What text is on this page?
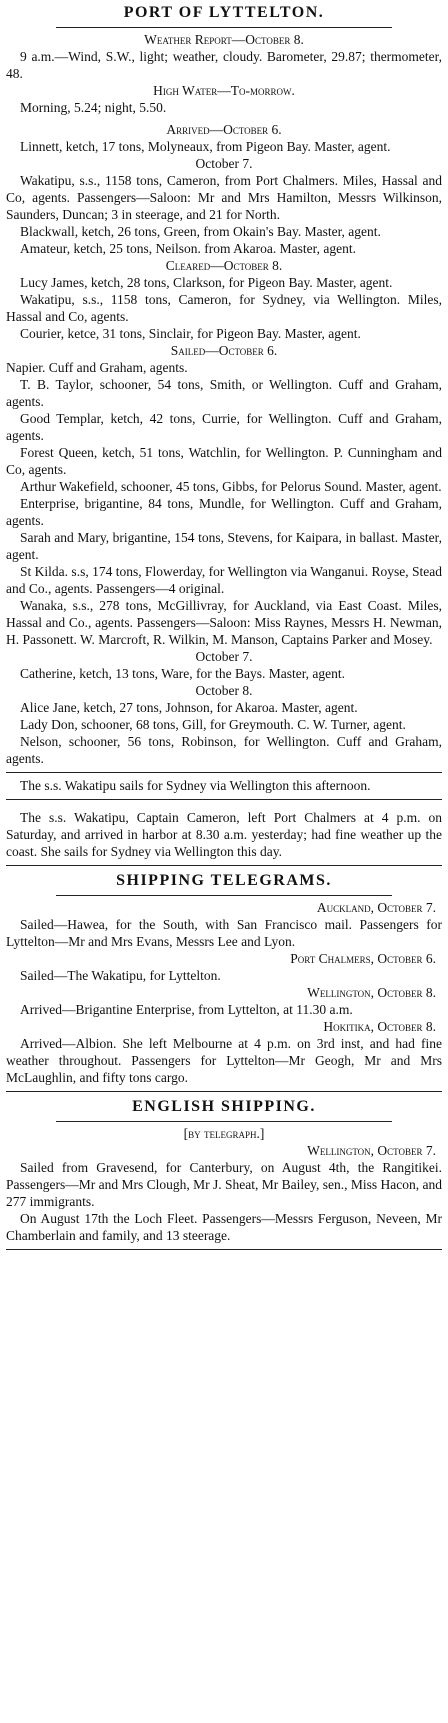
PORT OF LYTTELTON.

Weather Report—October 8.

9 a.m.—Wind, S.W., light; weather, cloudy. Barometer, 29.87; thermometer, 48.

High Water—To-morrow.

Morning, 5.24; night, 5.50.

Arrived—October 6.

Linnett, ketch, 17 tons, Molyneaux, from Pigeon Bay. Master, agent.

October 7.

Wakatipu, s.s., 1158 tons, Cameron, from Port Chalmers. Miles, Hassal and Co, agents. Passengers—Saloon: Mr and Mrs Hamilton, Messrs Wilkinson, Saunders, Duncan; 3 in steerage, and 21 for North.

Blackwall, ketch, 26 tons, Green, from Okain's Bay. Master, agent.

Amateur, ketch, 25 tons, Neilson. from Akaroa. Master, agent.

Cleared—October 8.

Lucy James, ketch, 28 tons, Clarkson, for Pigeon Bay. Master, agent.

Wakatipu, s.s., 1158 tons, Cameron, for Sydney, via Wellington. Miles, Hassal and Co, agents.

Courier, ketce, 31 tons, Sinclair, for Pigeon Bay. Master, agent.

Sailed—October 6.

Napier. Cuff and Graham, agents.

T. B. Taylor, schooner, 54 tons, Smith, or Wellington. Cuff and Graham, agents.

Good Templar, ketch, 42 tons, Currie, for Wellington. Cuff and Graham, agents.

Forest Queen, ketch, 51 tons, Watchlin, for Wellington. P. Cunningham and Co, agents.

Arthur Wakefield, schooner, 45 tons, Gibbs, for Pelorus Sound. Master, agent.

Enterprise, brigantine, 84 tons, Mundle, for Wellington. Cuff and Graham, agents.

Sarah and Mary, brigantine, 154 tons, Stevens, for Kaipara, in ballast. Master, agent.

St Kilda. s.s, 174 tons, Flowerday, for Wellington via Wanganui. Royse, Stead and Co., agents. Passengers—4 original.

Wanaka, s.s., 278 tons, McGillivray, for Auckland, via East Coast. Miles, Hassal and Co., agents. Passengers—Saloon: Miss Raynes, Messrs H. Newman, H. Passonett. W. Marcroft, R. Wilkin, M. Manson, Captains Parker and Mosey.

October 7.

Catherine, ketch, 13 tons, Ware, for the Bays. Master, agent.

October 8.

Alice Jane, ketch, 27 tons, Johnson, for Akaroa. Master, agent.

Lady Don, schooner, 68 tons, Gill, for Greymouth. C. W. Turner, agent.

Nelson, schooner, 56 tons, Robinson, for Wellington. Cuff and Graham, agents.

The s.s. Wakatipu sails for Sydney via Wellington this afternoon.

The s.s. Wakatipu, Captain Cameron, left Port Chalmers at 4 p.m. on Saturday, and arrived in harbor at 8.30 a.m. yesterday; had fine weather up the coast. She sails for Sydney via Wellington this day.

SHIPPING TELEGRAMS.

Auckland, October 7.

Sailed—Hawea, for the South, with San Francisco mail. Passengers for Lyttelton—Mr and Mrs Evans, Messrs Lee and Lyon.

Port Chalmers, October 6.

Sailed—The Wakatipu, for Lyttelton.

Wellington, October 8.

Arrived—Brigantine Enterprise, from Lyttelton, at 11.30 a.m.

Hokitika, October 8.

Arrived—Albion. She left Melbourne at 4 p.m. on 3rd inst, and had fine weather throughout. Passengers for Lyttelton—Mr Geogh, Mr and Mrs McLaughlin, and fifty tons cargo.

ENGLISH SHIPPING.

[by telegraph.]

Wellington, October 7.

Sailed from Gravesend, for Canterbury, on August 4th, the Rangitikei. Passengers—Mr and Mrs Clough, Mr J. Sheat, Mr Bailey, sen., Miss Hacon, and 277 immigrants.

On August 17th the Loch Fleet. Passengers—Messrs Ferguson, Neveen, Mr Chamberlain and family, and 13 steerage.
